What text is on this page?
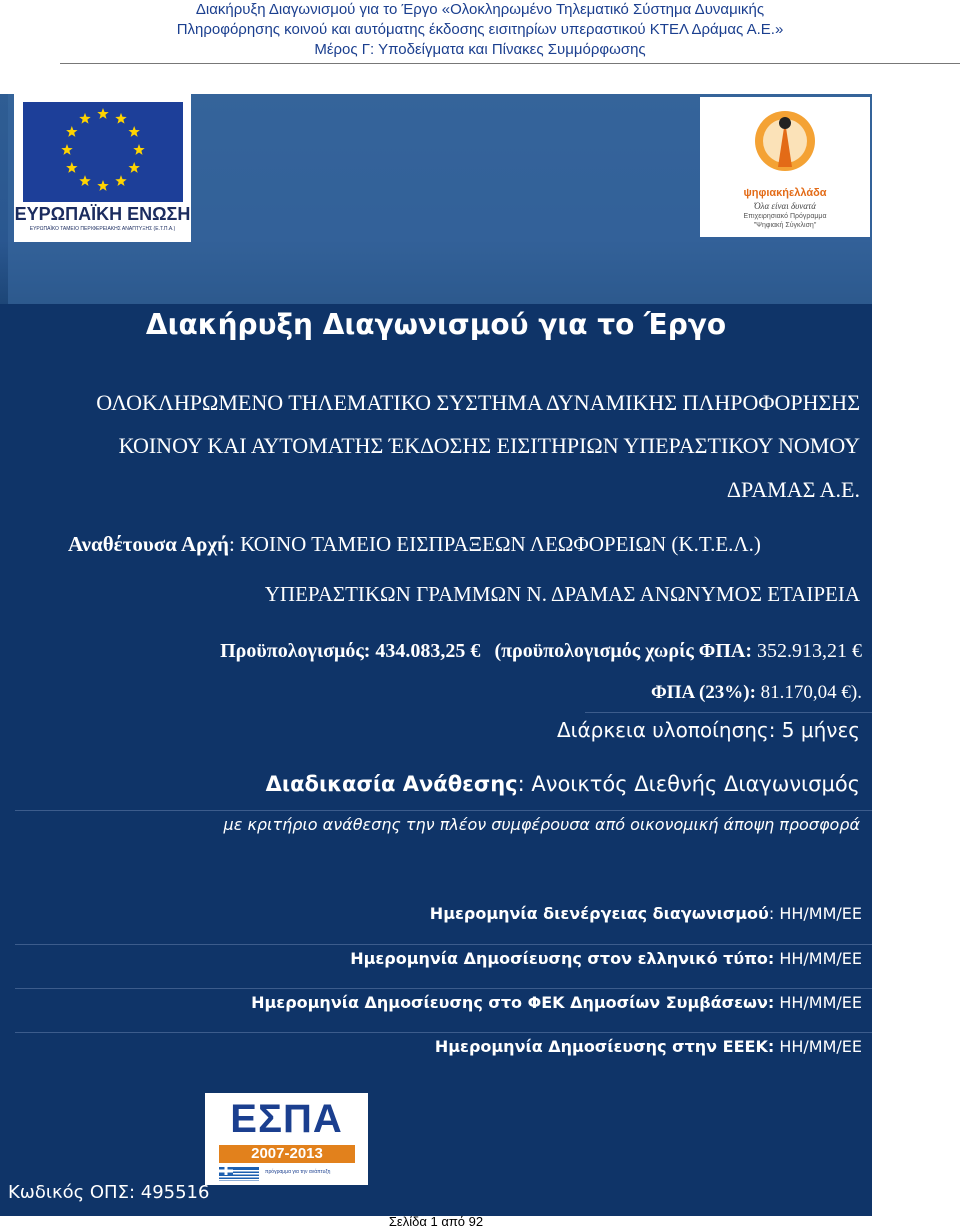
Διακήρυξη Διαγωνισμού για το Έργο «Ολοκληρωμένο Τηλεματικό Σύστημα Δυναμικής
Πληροφόρησης κοινού και αυτόματης έκδοσης εισιτηρίων υπεραστικού ΚΤΕΛ Δράμας Α.Ε.»
Μέρος Γ: Υποδείγματα και Πίνακες Συμμόρφωσης
ΕΥΡΩΠΑΪΚΗ ΕΝΩΣΗ
ΕΥΡΩΠΑΪΚΟ ΤΑΜΕΙΟ ΠΕΡΙΦΕΡΕΙΑΚΗΣ ΑΝΑΠΤΥΞΗΣ (Ε.Τ.Π.Α.)
ψηφιακήελλάδα
Όλα είναι δυνατά
Επιχειρησιακό Πρόγραμμα
"Ψηφιακή Σύγκλιση"
Διακήρυξη Διαγωνισμού για το Έργο
ΟΛΟΚΛΗΡΩΜΕΝΟ ΤΗΛΕΜΑΤΙΚΟ ΣΥΣΤΗΜΑ ΔΥΝΑΜΙΚΗΣ ΠΛΗΡΟΦΟΡΗΣΗΣ
ΚΟΙΝΟΥ ΚΑΙ ΑΥΤΟΜΑΤΗΣ ΈΚΔΟΣΗΣ ΕΙΣΙΤΗΡΙΩΝ ΥΠΕΡΑΣΤΙΚΟΥ ΝΟΜΟΥ
ΔΡΑΜΑΣ Α.Ε.
Αναθέτουσα Αρχή: ΚΟΙΝΟ ΤΑΜΕΙΟ ΕΙΣΠΡΑΞΕΩΝ ΛΕΩΦΟΡΕΙΩΝ (Κ.Τ.Ε.Λ.)
ΥΠΕΡΑΣΤΙΚΩΝ ΓΡΑΜΜΩΝ Ν. ΔΡΑΜΑΣ ΑΝΩΝΥΜΟΣ ΕΤΑΙΡΕΙΑ
Προϋπολογισμός: 434.083,25 € (προϋπολογισμός χωρίς ΦΠΑ: 352.913,21 €
ΦΠΑ (23%): 81.170,04 €).
Διάρκεια υλοποίησης: 5 μήνες
Διαδικασία Ανάθεσης: Ανοικτός Διεθνής Διαγωνισμός
με κριτήριο ανάθεσης την πλέον συμφέρουσα από οικονομική άποψη προσφορά
Ημερομηνία διενέργειας διαγωνισμού: ΗΗ/ΜΜ/ΕΕ
Ημερομηνία Δημοσίευσης στον ελληνικό τύπο: ΗΗ/ΜΜ/ΕΕ
Ημερομηνία Δημοσίευσης στο ΦΕΚ Δημοσίων Συμβάσεων: ΗΗ/ΜΜ/ΕΕ
Ημερομηνία Δημοσίευσης στην ΕΕΕΚ: ΗΗ/ΜΜ/ΕΕ
ΕΣΠΑ
2007-2013
πρόγραμμα για την ανάπτυξη
Κωδικός ΟΠΣ: 495516
Σελίδα 1 από 92
